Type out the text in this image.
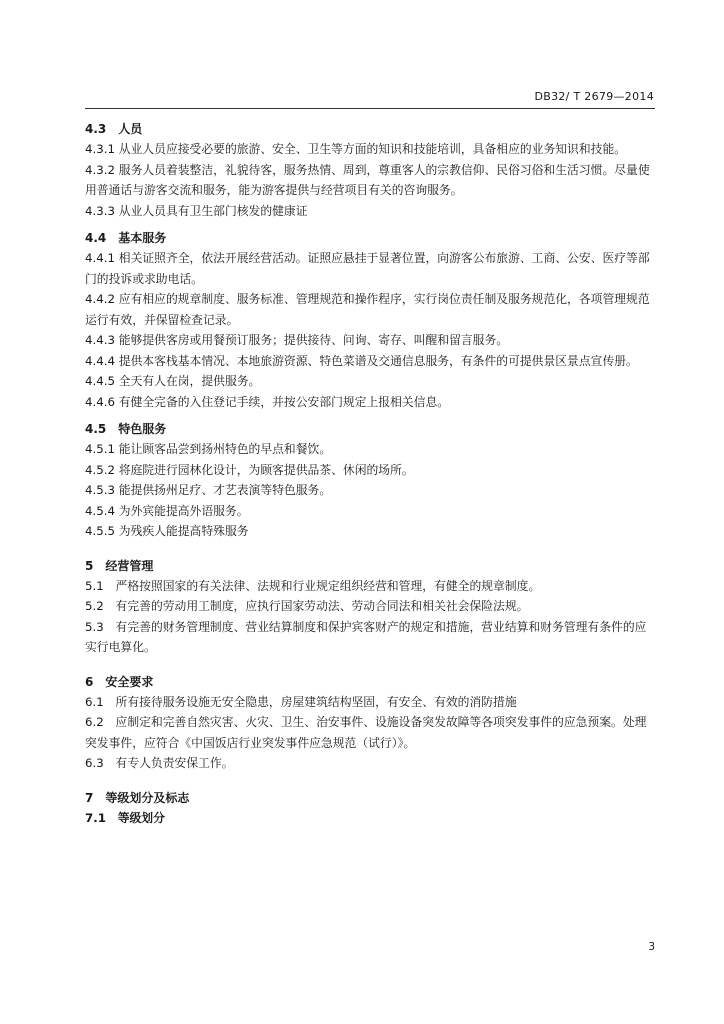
DB32/ T 2679—2014

4.3　人员

4.3.1 从业人员应接受必要的旅游、安全、卫生等方面的知识和技能培训，具备相应的业务知识和技能。

4.3.2 服务人员着装整洁，礼貌待客，服务热情、周到，尊重客人的宗教信仰、民俗习俗和生活习惯。尽量使用普通话与游客交流和服务，能为游客提供与经营项目有关的咨询服务。

4.3.3 从业人员具有卫生部门核发的健康证

4.4　基本服务

4.4.1 相关证照齐全，依法开展经营活动。证照应悬挂于显著位置，向游客公布旅游、工商、公安、医疗等部门的投诉或求助电话。

4.4.2 应有相应的规章制度、服务标准、管理规范和操作程序，实行岗位责任制及服务规范化，各项管理规范运行有效，并保留检查记录。

4.4.3 能够提供客房或用餐预订服务；提供接待、问询、寄存、叫醒和留言服务。

4.4.4 提供本客栈基本情况、本地旅游资源、特色菜谱及交通信息服务，有条件的可提供景区景点宣传册。

4.4.5 全天有人在岗，提供服务。

4.4.6 有健全完备的入住登记手续，并按公安部门规定上报相关信息。

4.5　特色服务

4.5.1 能让顾客品尝到扬州特色的早点和餐饮。

4.5.2 将庭院进行园林化设计，为顾客提供品茶、休闲的场所。

4.5.3 能提供扬州足疗、才艺表演等特色服务。

4.5.4 为外宾能提高外语服务。

4.5.5 为残疾人能提高特殊服务

5　经营管理

5.1　严格按照国家的有关法律、法规和行业规定组织经营和管理，有健全的规章制度。

5.2　有完善的劳动用工制度，应执行国家劳动法、劳动合同法和相关社会保险法规。

5.3　有完善的财务管理制度、营业结算制度和保护宾客财产的规定和措施，营业结算和财务管理有条件的应实行电算化。

6　安全要求

6.1　所有接待服务设施无安全隐患，房屋建筑结构坚固，有安全、有效的消防措施

6.2　应制定和完善自然灾害、火灾、卫生、治安事件、设施设备突发故障等各项突发事件的应急预案。处理突发事件，应符合《中国饭店行业突发事件应急规范（试行）》。

6.3　有专人负责安保工作。

7　等级划分及标志

7.1　等级划分

3
